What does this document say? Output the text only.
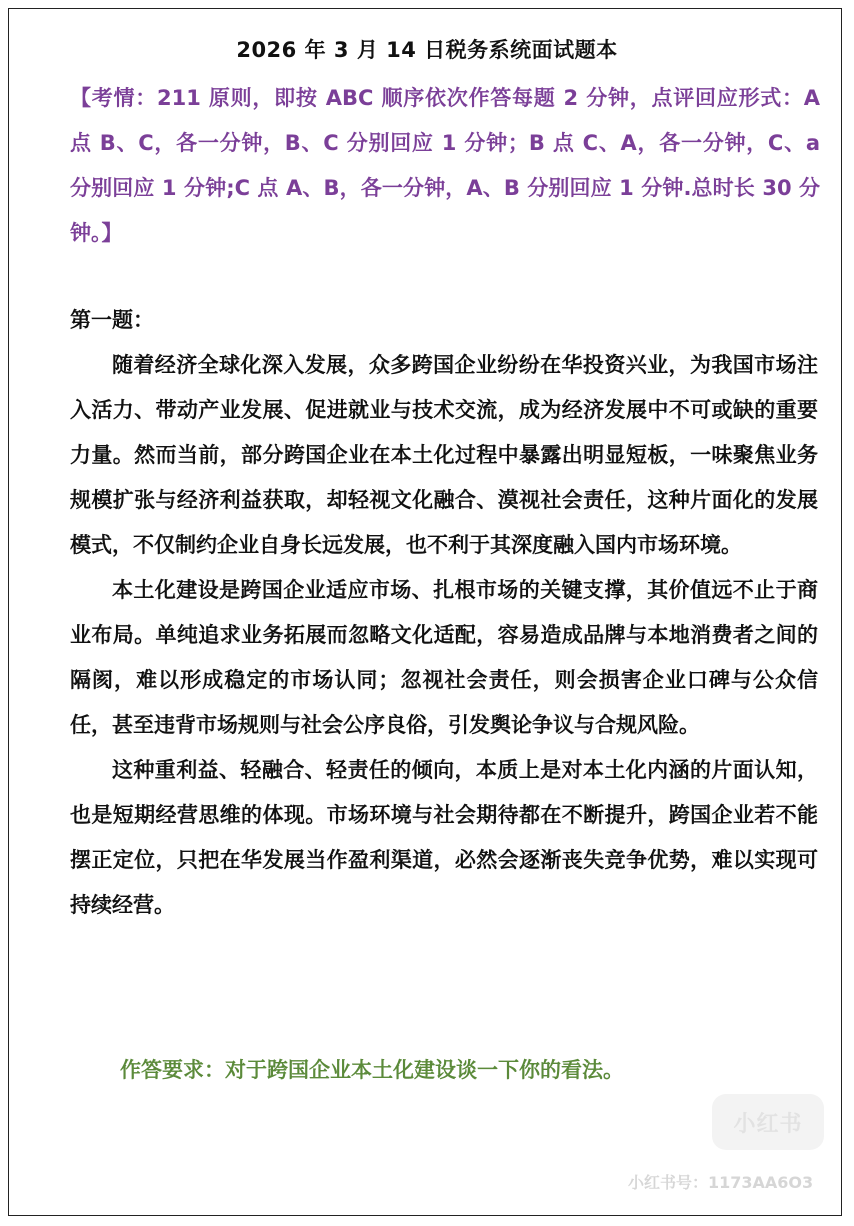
2026 年 3 月 14 日税务系统面试题本
【考情：211 原则，即按 ABC 顺序依次作答每题 2 分钟，点评回应形式：A 点 B、C，各一分钟，B、C 分别回应 1 分钟；B 点 C、A，各一分钟，C、a 分别回应 1 分钟;C 点 A、B，各一分钟，A、B 分别回应 1 分钟.总时长 30 分钟。】
第一题：

随着经济全球化深入发展，众多跨国企业纷纷在华投资兴业，为我国市场注入活力、带动产业发展、促进就业与技术交流，成为经济发展中不可或缺的重要力量。然而当前，部分跨国企业在本土化过程中暴露出明显短板，一味聚焦业务规模扩张与经济利益获取，却轻视文化融合、漠视社会责任，这种片面化的发展模式，不仅制约企业自身长远发展，也不利于其深度融入国内市场环境。

本土化建设是跨国企业适应市场、扎根市场的关键支撑，其价值远不止于商业布局。单纯追求业务拓展而忽略文化适配，容易造成品牌与本地消费者之间的隔阂，难以形成稳定的市场认同；忽视社会责任，则会损害企业口碑与公众信任，甚至违背市场规则与社会公序良俗，引发舆论争议与合规风险。

这种重利益、轻融合、轻责任的倾向，本质上是对本土化内涵的片面认知，也是短期经营思维的体现。市场环境与社会期待都在不断提升，跨国企业若不能摆正定位，只把在华发展当作盈利渠道，必然会逐渐丧失竞争优势，难以实现可持续经营。

作答要求：对于跨国企业本土化建设谈一下你的看法。
小红书
小红书号：1173AA6O3
